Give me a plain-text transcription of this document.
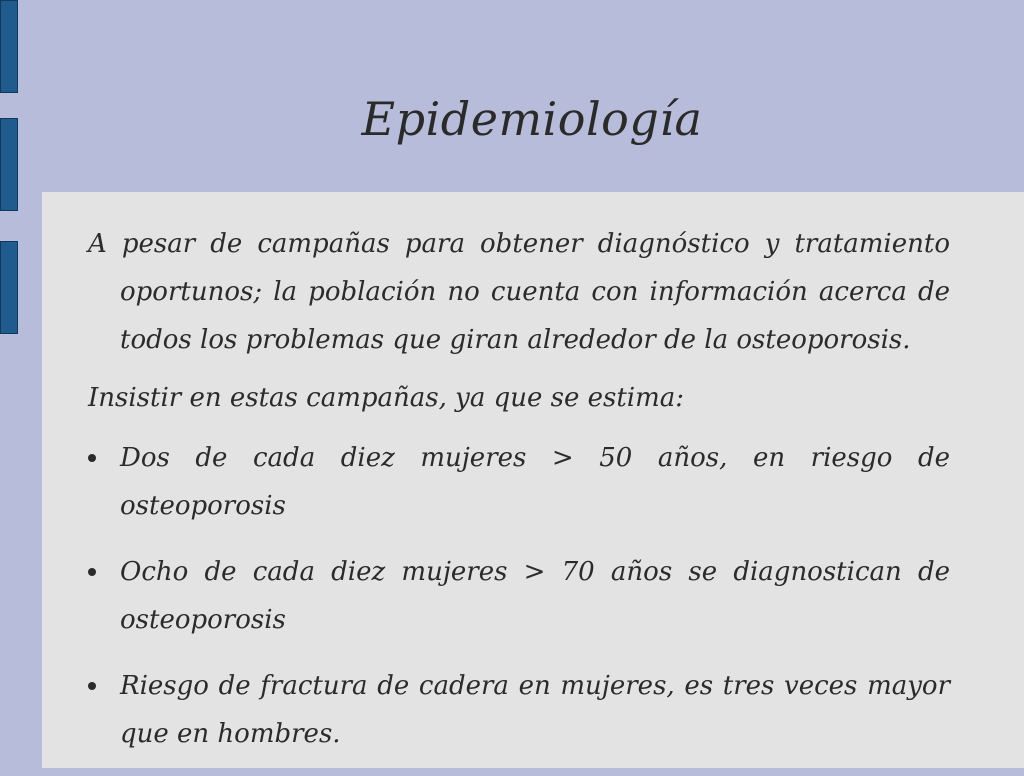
Epidemiología

A pesar de campañas para obtener diagnóstico y tratamiento oportunos; la población no cuenta con información acerca de todos los problemas que giran alrededor de la osteoporosis.

Insistir en estas campañas, ya que se estima:

Dos de cada diez mujeres > 50 años, en riesgo de osteoporosis
Ocho de cada diez mujeres > 70 años se diagnostican de osteoporosis
Riesgo de fractura de cadera en mujeres, es tres veces mayor que en hombres.
